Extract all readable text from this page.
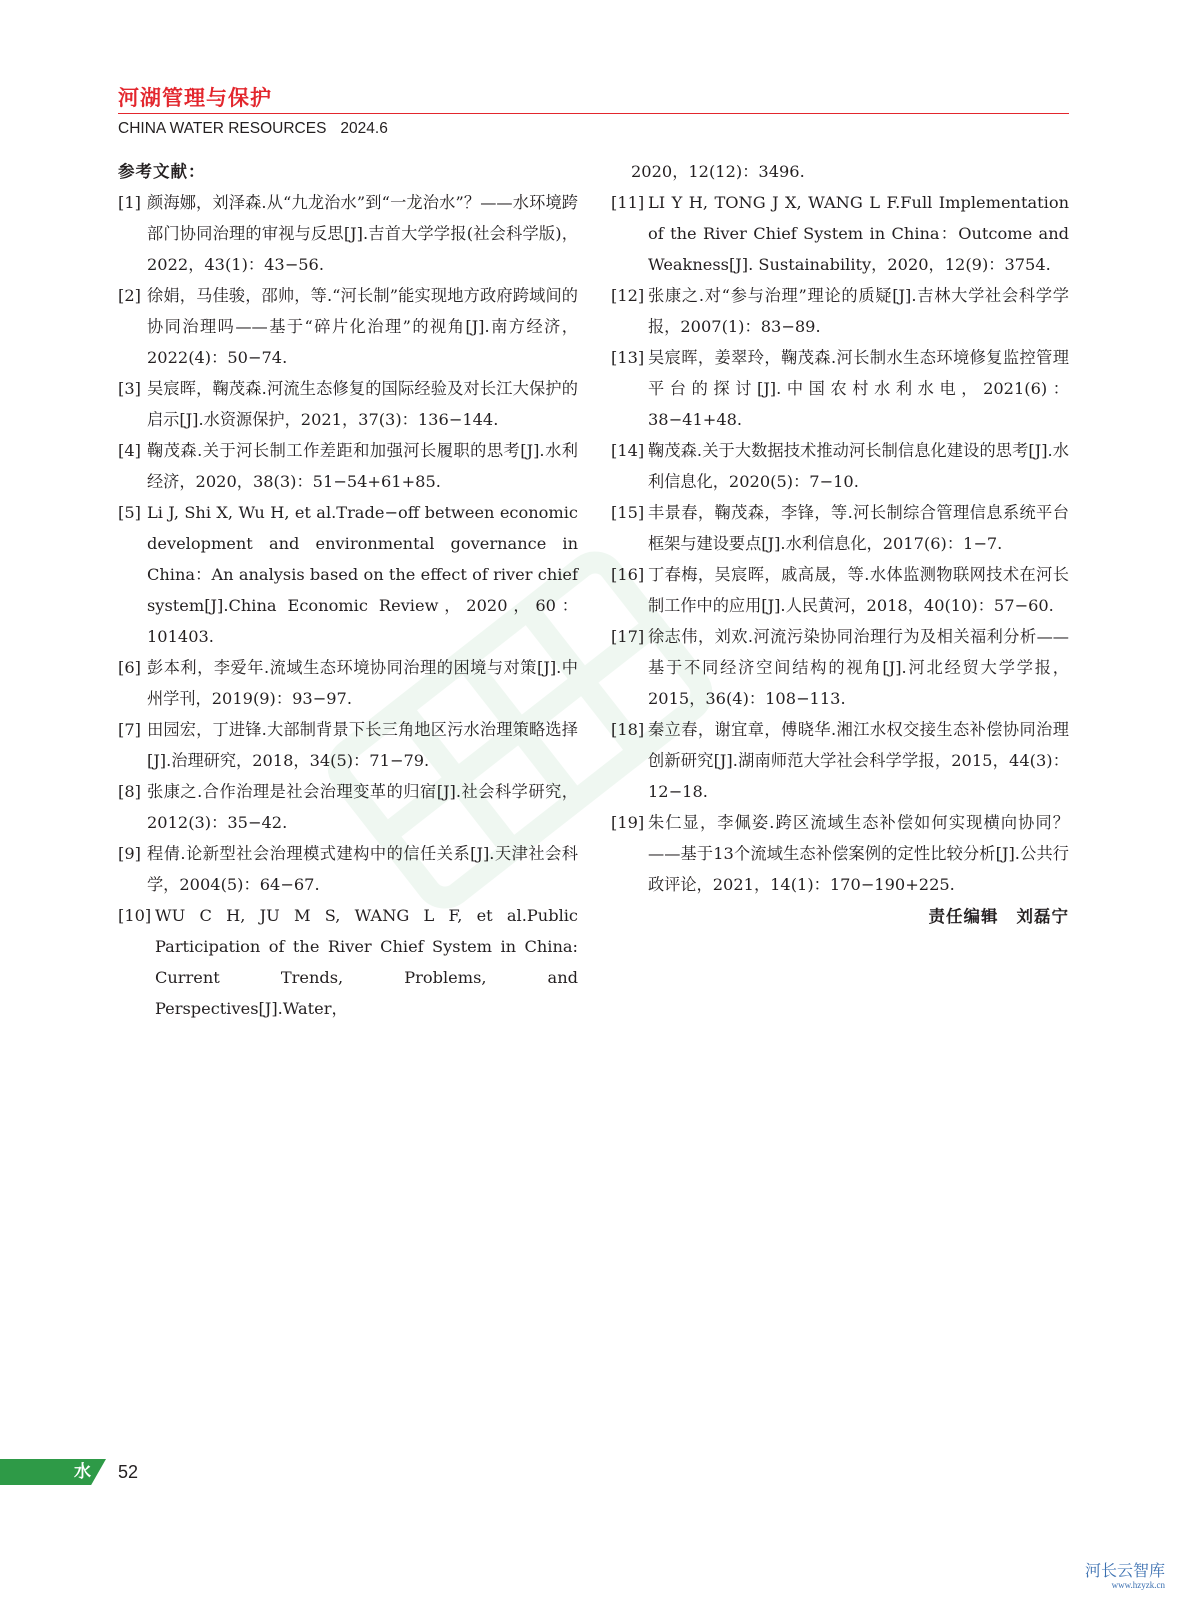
河湖管理与保护
CHINA WATER RESOURCES 2024.6
参考文献：
[1] 颜海娜，刘泽森.从“九龙治水”到“一龙治水”？——水环境跨部门协同治理的审视与反思[J].吉首大学学报(社会科学版)，2022，43(1)：43−56.
[2] 徐娟，马佳骏，邵帅，等.“河长制”能实现地方政府跨域间的协同治理吗——基于“碎片化治理”的视角[J].南方经济，2022(4)：50−74.
[3] 吴宸晖，鞠茂森.河流生态修复的国际经验及对长江大保护的启示[J].水资源保护，2021，37(3)：136−144.
[4] 鞠茂森.关于河长制工作差距和加强河长履职的思考[J].水利经济，2020，38(3)：51−54+61+85.
[5] Li J, Shi X, Wu H, et al.Trade−off between economic development and environmental governance in China：An analysis based on the effect of river chief system[J].China Economic Review，2020，60：101403.
[6] 彭本利，李爱年.流域生态环境协同治理的困境与对策[J].中州学刊，2019(9)：93−97.
[7] 田园宏，丁进锋.大部制背景下长三角地区污水治理策略选择[J].治理研究，2018，34(5)：71−79.
[8] 张康之.合作治理是社会治理变革的归宿[J].社会科学研究，2012(3)：35−42.
[9] 程倩.论新型社会治理模式建构中的信任关系[J].天津社会科学，2004(5)：64−67.
[10] WU C H, JU M S, WANG L F, et al.Public Participation of the River Chief System in China: Current Trends, Problems, and Perspectives[J].Water，
2020，12(12)：3496.
[11] LI Y H, TONG J X, WANG L F.Full Implementation of the River Chief System in China：Outcome and Weakness[J]. Sustainability，2020，12(9)：3754.
[12] 张康之.对“参与治理”理论的质疑[J].吉林大学社会科学学报，2007(1)：83−89.
[13] 吴宸晖，姜翠玲，鞠茂森.河长制水生态环境修复监控管理平台的探讨[J].中国农村水利水电，2021(6)：38−41+48.
[14] 鞠茂森.关于大数据技术推动河长制信息化建设的思考[J].水利信息化，2020(5)：7−10.
[15] 丰景春，鞠茂森，李锋，等.河长制综合管理信息系统平台框架与建设要点[J].水利信息化，2017(6)：1−7.
[16] 丁春梅，吴宸晖，戚高晟，等.水体监测物联网技术在河长制工作中的应用[J].人民黄河，2018，40(10)：57−60.
[17] 徐志伟，刘欢.河流污染协同治理行为及相关福利分析——基于不同经济空间结构的视角[J].河北经贸大学学报，2015，36(4)：108−113.
[18] 秦立春，谢宜章，傅晓华.湘江水权交接生态补偿协同治理创新研究[J].湖南师范大学社会科学学报，2015，44(3)：12−18.
[19] 朱仁显，李佩姿.跨区流域生态补偿如何实现横向协同？——基于13个流域生态补偿案例的定性比较分析[J].公共行政评论，2021，14(1)：170−190+225.
责任编辑 刘磊宁
水 52
河长云智库
www.hzyzk.cn
